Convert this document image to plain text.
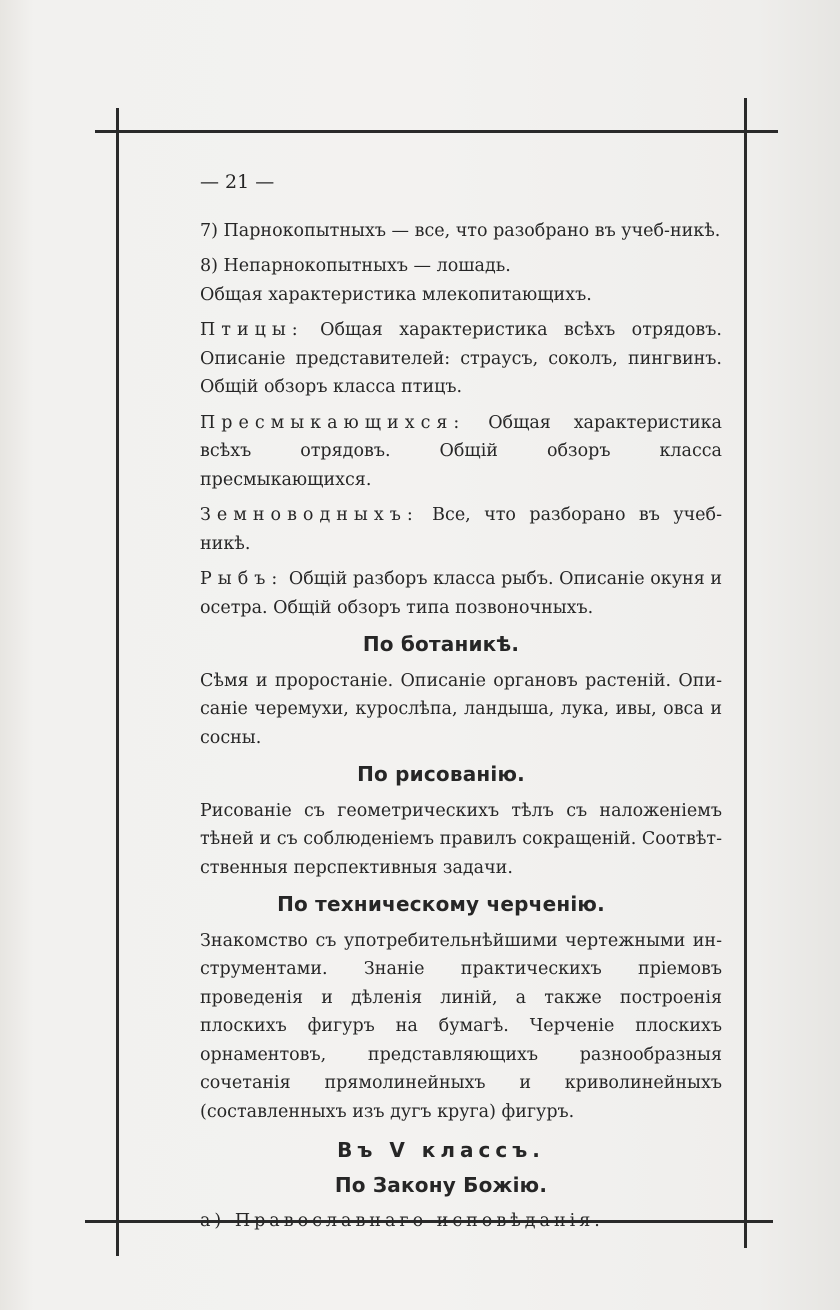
— 21 —

7) Парнокопытныхъ — все, что разобрано въ учеб-никѣ.

8) Непарнокопытныхъ — лошадь.

Общая характеристика млекопитающихъ.

Птицы: Общая характеристика всѣхъ отрядовъ. Описаніе представителей: страусъ, соколъ, пингвинъ. Общій обзоръ класса птицъ.

Пресмыкающихся: Общая характеристика всѣхъ отрядовъ. Общій обзоръ класса пресмыкающихся.

Земноводныхъ: Все, что разборано въ учеб-никѣ.

Рыбъ: Общій разборъ класса рыбъ. Описаніе окуня и осетра. Общій обзоръ типа позвоночныхъ.

По ботаникѣ.

Сѣмя и проростаніе. Описаніе органовъ растеній. Опи-саніе черемухи, курослѣпа, ландыша, лука, ивы, овса и сосны.

По рисованію.

Рисованіе съ геометрическихъ тѣлъ съ наложеніемъ тѣней и съ соблюденіемъ правилъ сокращеній. Соотвѣт-ственныя перспективныя задачи.

По техническому черченію.

Знакомство съ употребительнѣйшими чертежными ин-струментами. Знаніе практическихъ пріемовъ проведенія и дѣленія линій, а также построенія плоскихъ фигуръ на бумагѣ. Черченіе плоскихъ орнаментовъ, представляющихъ разнообразныя сочетанія прямолинейныхъ и криволинейныхъ (составленныхъ изъ дугъ круга) фигуръ.

Въ V классъ.

По Закону Божію.

а) Православнаго исповѣданія.
